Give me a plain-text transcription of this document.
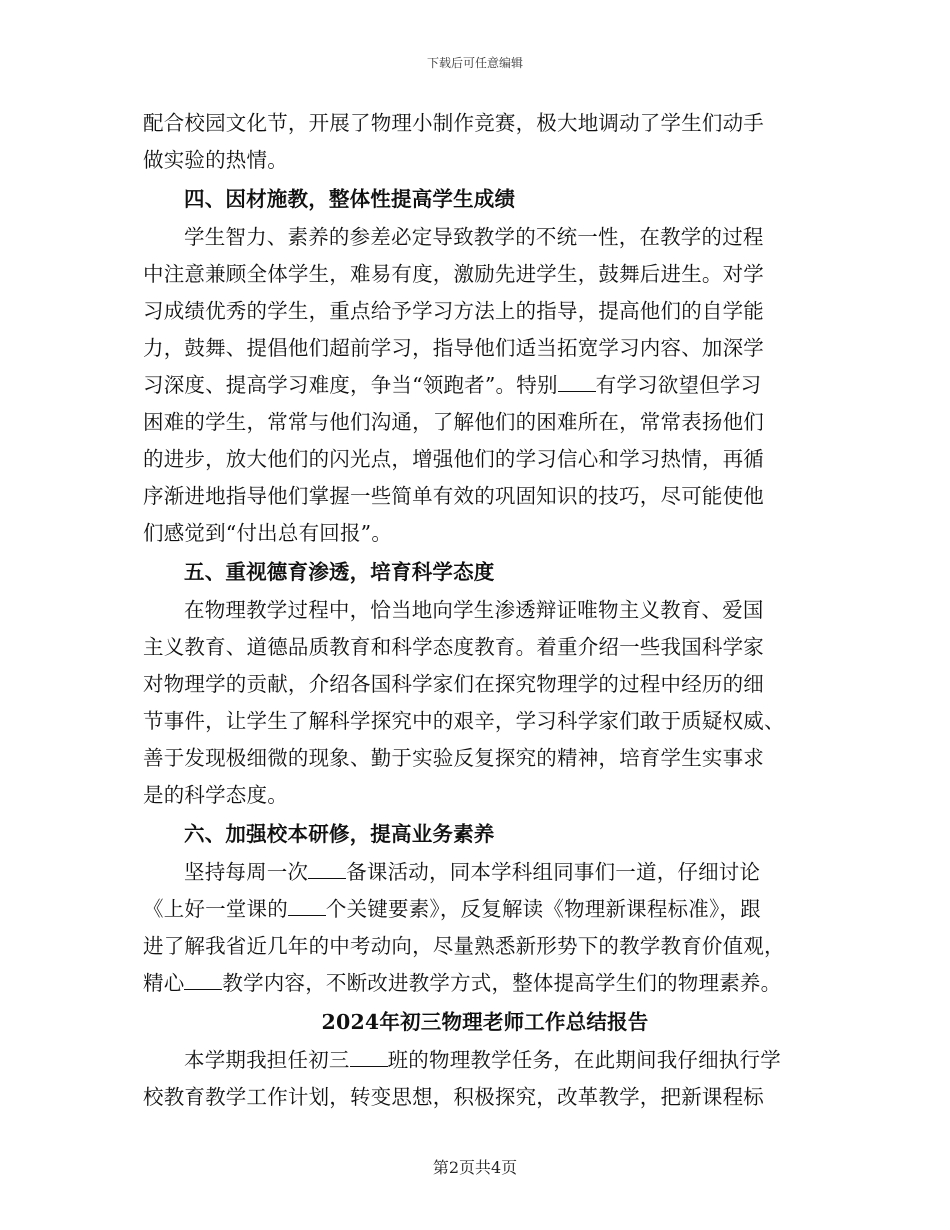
下载后可任意编辑
配合校园文化节，开展了物理小制作竞赛，极大地调动了学生们动手
做实验的热情。
四、因材施教，整体性提高学生成绩
学生智力、素养的参差必定导致教学的不统一性，在教学的过程
中注意兼顾全体学生，难易有度，激励先进学生，鼓舞后进生。对学
习成绩优秀的学生，重点给予学习方法上的指导，提高他们的自学能
力，鼓舞、提倡他们超前学习，指导他们适当拓宽学习内容、加深学
习深度、提高学习难度，争当“领跑者”。特别 有学习欲望但学习
困难的学生，常常与他们沟通，了解他们的困难所在，常常表扬他们
的进步，放大他们的闪光点，增强他们的学习信心和学习热情，再循
序渐进地指导他们掌握一些简单有效的巩固知识的技巧，尽可能使他
们感觉到“付出总有回报”。
五、重视德育渗透，培育科学态度
在物理教学过程中，恰当地向学生渗透辩证唯物主义教育、爱国
主义教育、道德品质教育和科学态度教育。着重介绍一些我国科学家
对物理学的贡献，介绍各国科学家们在探究物理学的过程中经历的细
节事件，让学生了解科学探究中的艰辛，学习科学家们敢于质疑权威、
善于发现极细微的现象、勤于实验反复探究的精神，培育学生实事求
是的科学态度。
六、加强校本研修，提高业务素养
坚持每周一次 备课活动，同本学科组同事们一道，仔细讨论
《上好一堂课的 个关键要素》，反复解读《物理新课程标准》，跟
进了解我省近几年的中考动向，尽量熟悉新形势下的教学教育价值观，
精心 教学内容，不断改进教学方式，整体提高学生们的物理素养。
2024年初三物理老师工作总结报告
本学期我担任初三 班的物理教学任务，在此期间我仔细执行学
校教育教学工作计划，转变思想，积极探究，改革教学，把新课程标
第2页共4页
